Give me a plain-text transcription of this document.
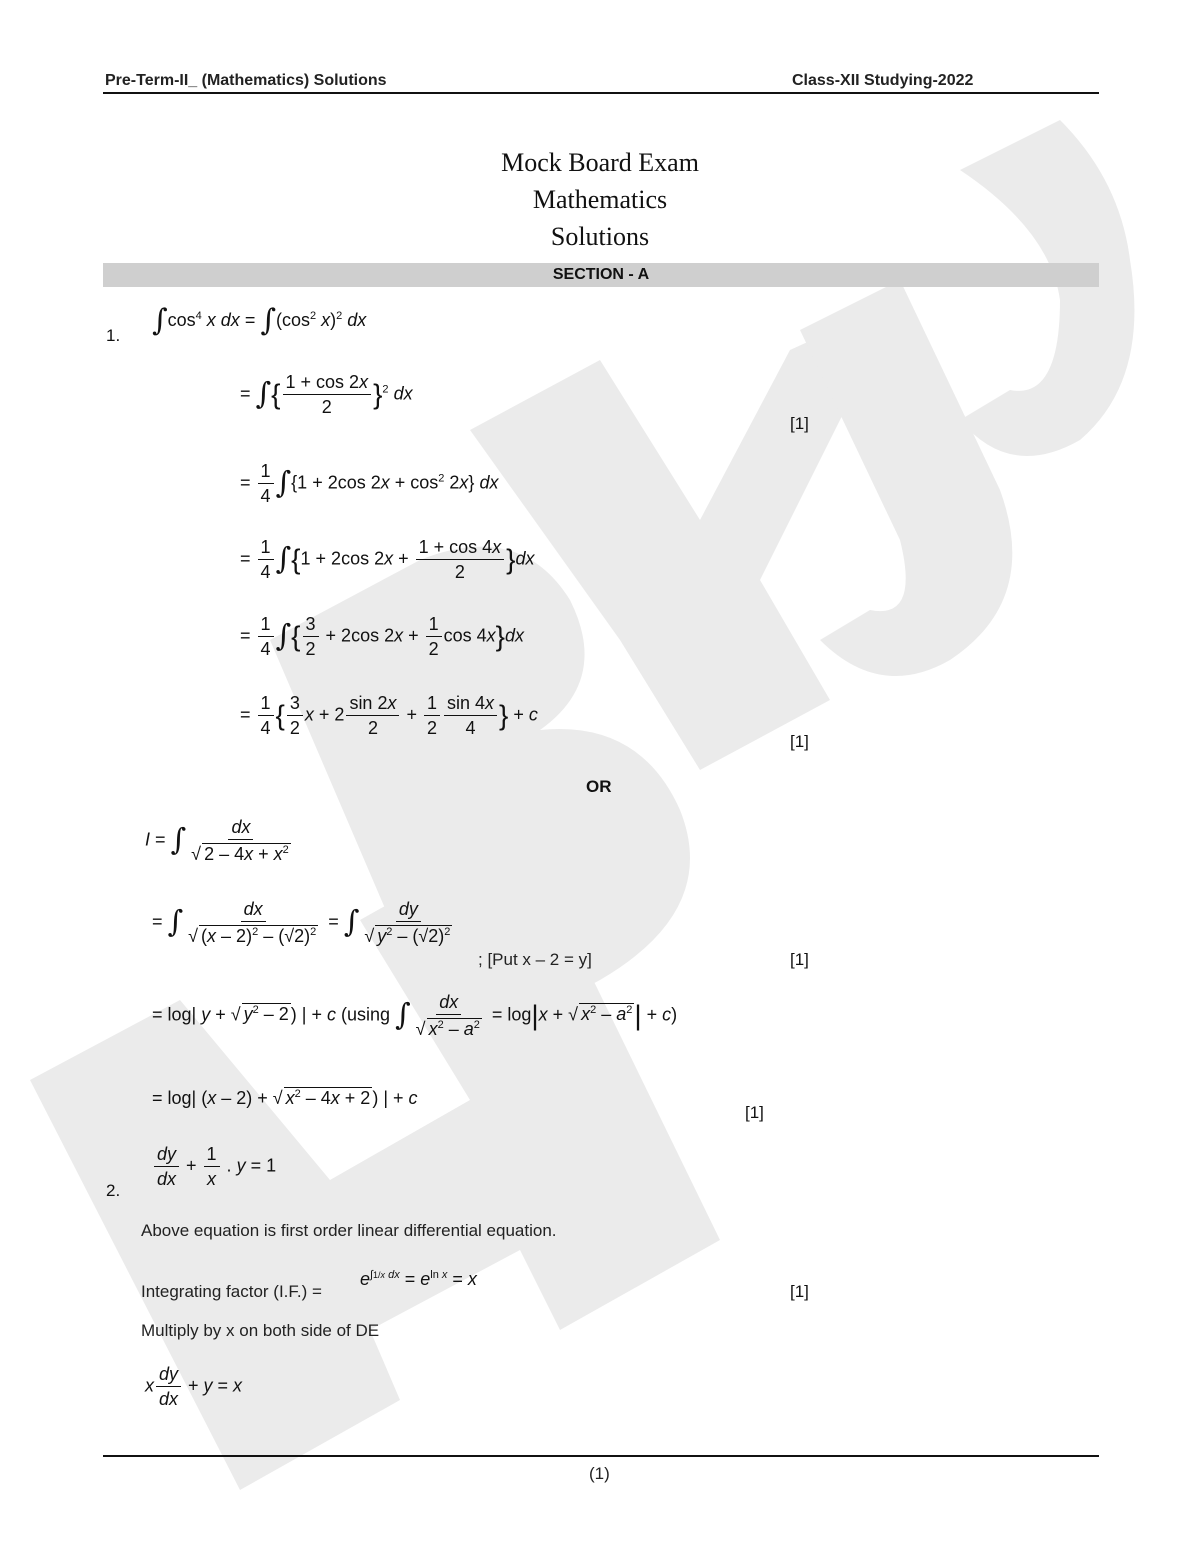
Pre-Term-II_ (Mathematics) Solutions	Class-XII Studying-2022
Mock Board Exam
Mathematics
Solutions
SECTION - A
1. $\int\cos^4$ x dx = $\int(\cos^2$ x)$^2$ dx
= ∫{ $\frac{1 + \cos 2x}{2} \}^2$ dx
[1]
= $\frac{1}{4} \int\{1 + 2\cos$ $2x + \cos^2 2x$} dx
= $\frac{1}{4} \int\{1 + 2\cos$ $2x + \frac{1 + \cos 4x}{2} \}dx$
= $\frac{1}{4}$ ∫{ $\frac{3}{2} + 2\cos$ $2x + \frac{1}{2}$ cos 4x}dx
= $\frac{1}{4}$ { $\frac{3}{2}$ $x + 2 \frac{\sin 2x}{2} + \frac{1}{2} \frac{\sin 4x}{4}$ } + c
[1]
OR
I = ∫ $\frac{dx}{√ 2 - 4x + x^2}$
= ∫ $\frac{dx}{√ (x - 2)^2 - (√2)^2}$ = ∫ $\frac{dy}{√ y^2 - (√2)^2}$
; [Put x – 2 = y]	[1]
= log| y + √ $y^2 - 2$ ) | + c (using ∫ $\frac{dx}{√ x^2 - a^2} = \log|x$ + √ $x^2 - a^2| + c$)
= log| (x – 2) + √ $x^2 - 4x + 2$ ) | + c
[1]
2.
$\frac{dy}{dx} + \frac{1}{x}$ . y = 1
Above equation is first order linear differential equation.
Integrating factor (I.F.) =
$e^{\int 1/x dx} = e^{ln x} = x$
[1]
Multiply by x on both side of DE
x $\frac{dy}{dx} + y = x$
(1)
